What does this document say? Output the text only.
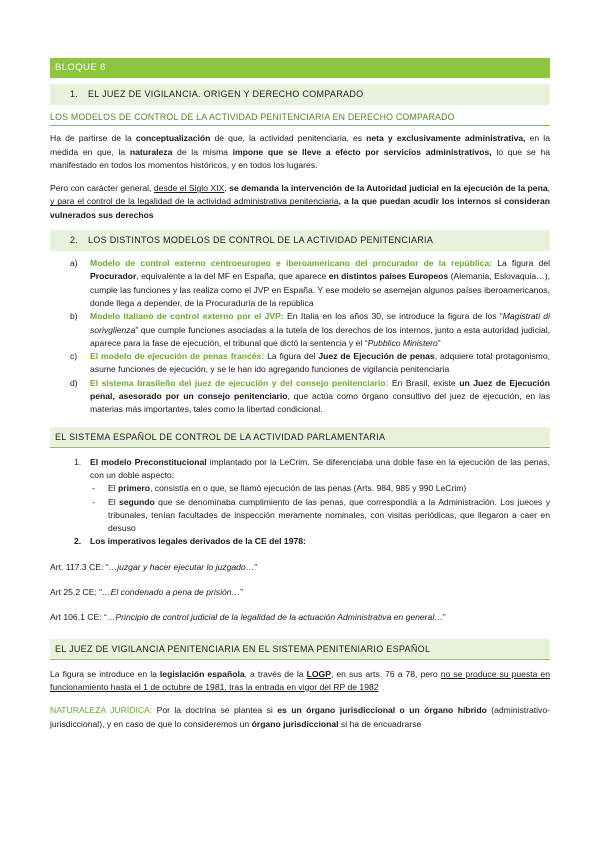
BLOQUE 8
1. EL JUEZ DE VIGILANCIA. ORIGEN Y DERECHO COMPARADO
LOS MODELOS DE CONTROL DE LA ACTIVIDAD PENITENCIARIA EN DERECHO COMPARADO

Ha de partirse de la conceptualización de que, la actividad penitenciaria, es neta y exclusivamente administrativa, en la medida en que, la naturaleza de la misma impone que se lleve a efecto por servicios administrativos, lo que se ha manifestado en todos los momentos históricos, y en todos los lugares.

Pero con carácter general, desde el Siglo XIX, se demanda la intervención de la Autoridad judicial en la ejecución de la pena, y para el control de la legalidad de la actividad administrativa penitenciaria, a la que puedan acudir los internos si consideran vulnerados sus derechos

2. LOS DISTINTOS MODELOS DE CONTROL DE LA ACTIVIDAD PENITENCIARIA
a) Modelo de control externo centroeuropeo e iberoamericano del procurador de la república: La figura del Procurador, equivalente a la del MF en España, que aparece en distintos países Europeos (Alemania, Eslovaquia…), cumple las funciones y las realiza como el JVP en España. Y ese modelo se asemejan algunos países iberoamericanos, donde llega a depender, de la Procuraduría de la república
b) Modelo italiano de control externo por el JVP: En Italia en los años 30, se introduce la figura de los “Magistrati di sorivglienza” que cumple funciones asociadas a la tutela de los derechos de los internos, junto a esta autoridad judicial, aparece para la fase de ejecución, el tribunal que dictó la sentencia y el “Pubblico Ministero”
c) El modelo de ejecución de penas francés: La figura del Juez de Ejecución de penas, adquiere total protagonismo, asume funciones de ejecución, y se le han ido agregando funciones de vigilancia penitenciaria
d) El sistema brasileño del juez de ejecución y del consejo penitenciario: En Brasil, existe un Juez de Ejecución penal, asesorado por un consejo penitenciario, que actúa como órgano consultivo del juez de ejecución, en las materias más importantes, tales como la libertad condicional.
EL SISTEMA ESPAÑOL DE CONTROL DE LA ACTIVIDAD PARLAMENTARIA
1. El modelo Preconstitucional implantado por la LeCrim. Se diferenciaba una doble fase en la ejecución de las penas, con un doble aspecto:
- El primero, consistía en o que, se llamó ejecución de las penas (Arts. 984, 985 y 990 LeCrim)
- El segundo que se denominaba cumplimiento de las penas, que correspondía a la Administración. Los jueces y tribunales, tenían facultades de inspección meramente nominales, con visitas periódicas, que llegaron a caer en desuso
2. Los imperativos legales derivados de la CE del 1978:

Art. 117.3 CE: “…juzgar y hacer ejecutar lo juzgado…”

Art 25.2 CE: “…El condenado a pena de prisión…”

Art 106.1 CE: “…Principio de control judicial de la legalidad de la actuación Administrativa en general…”

EL JUEZ DE VIGILANCIA PENITENCIARIA EN EL SISTEMA PENITENIARIO ESPAÑOL

La figura se introduce en la legislación española, a través de la LOGP, en sus arts. 76 a 78, pero no se produce su puesta en funcionamiento hasta el 1 de octubre de 1981, tras la entrada en vigor del RP de 1982

NATURALEZA JURÍDICA: Por la doctrina se plantea si es un órgano jurisdiccional o un órgano híbrido (administrativo-jurisdiccional), y en caso de que lo consideremos un órgano jurisdiccional si ha de encuadrarse
